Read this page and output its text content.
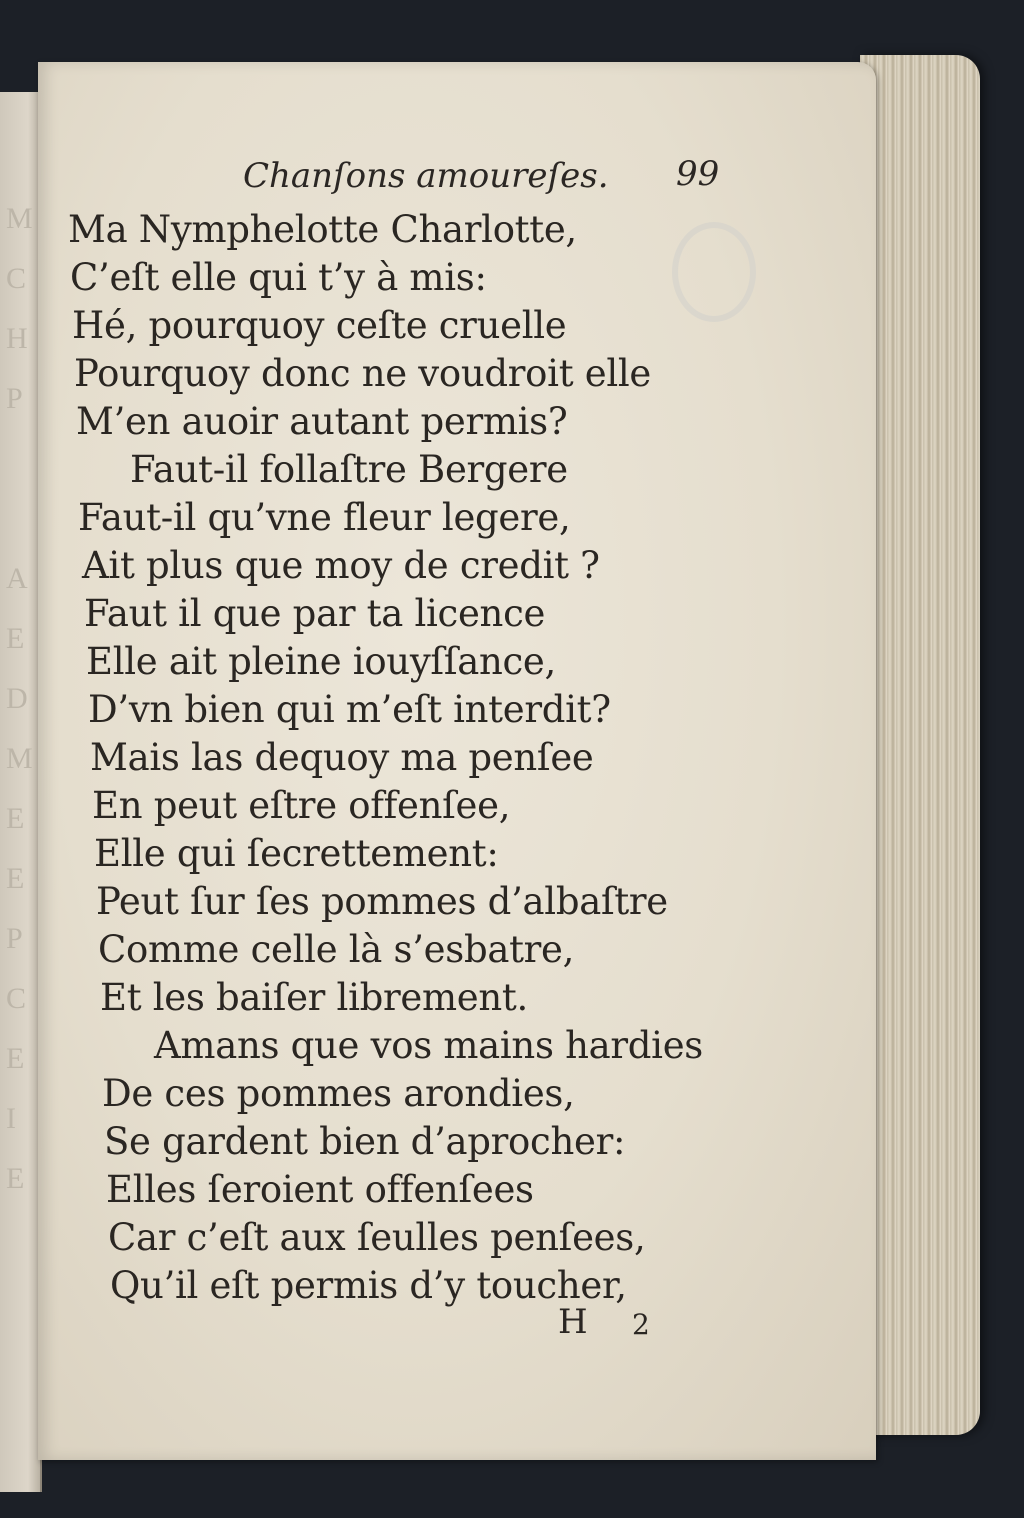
M
C
H
P
A
E
D
M
E
E
P
C
E
I
E
Chanſons amoureſes. 99
Ma Nymphelotte Charlotte,
C’eſt elle qui t’y à mis:
Hé, pourquoy ceſte cruelle
Pourquoy donc ne voudroit elle
M’en auoir autant permis?
Faut-il follaſtre Bergere
Faut-il qu’vne fleur legere,
Ait plus que moy de credit ?
Faut il que par ta licence
Elle ait pleine iouyſſance,
D’vn bien qui m’eſt interdit?
Mais las dequoy ma penſee
En peut eſtre offenſee,
Elle qui ſecrettement:
Peut ſur ſes pommes d’albaſtre
Comme celle là s’esbatre,
Et les baiſer librement.
Amans que vos mains hardies
De ces pommes arondies,
Se gardent bien d’aprocher:
Elles ſeroient offenſees
Car c’eſt aux ſeulles penſees,
Qu’il eſt permis d’y toucher,
H 2
